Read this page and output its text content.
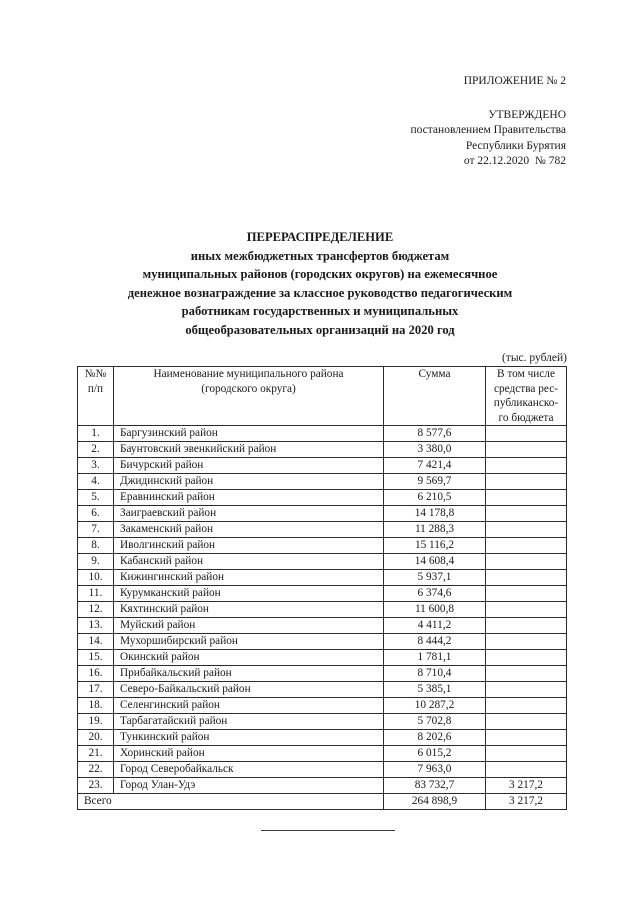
ПРИЛОЖЕНИЕ № 2
УТВЕРЖДЕНО
постановлением Правительства
Республики Бурятия
от 22.12.2020  № 782
ПЕРЕРАСПРЕДЕЛЕНИЕ
иных межбюджетных трансфертов бюджетам
муниципальных районов (городских округов) на ежемесячное
денежное вознаграждение за классное руководство педагогическим
работникам государственных и муниципальных
общеобразовательных организаций на 2020 год
(тыс. рублей)
№№
п/п

Наименование муниципального района
(городского округа)

Сумма	В том числе
средства рес-
публиканско-
го бюджета

1.	Баргузинский район	8 577,6	
2.	Баунтовский эвенкийский район	3 380,0	
3.	Бичурский район	7 421,4	
4.	Джидинский район	9 569,7	
5.	Еравнинский район	6 210,5	
6.	Заиграевский район	14 178,8	
7.	Закаменский район	11 288,3	
8.	Иволгинский район	15 116,2	
9.	Кабанский район	14 608,4	
10.	Кижингинский район	5 937,1	
11.	Курумканский район	6 374,6	
12.	Кяхтинский район	11 600,8	
13.	Муйский район	4 411,2	
14.	Мухоршибирский район	8 444,2	
15.	Окинский район	1 781,1	
16.	Прибайкальский район	8 710,4	
17.	Северо-Байкальский район	5 385,1	
18.	Селенгинский район	10 287,2	
19.	Тарбагатайский район	5 702,8	
20.	Тункинский район	8 202,6	
21.	Хоринский район	6 015,2	
22.	Город Северобайкальск	7 963,0	
23.	Город Улан-Удэ	83 732,7	3 217,2
Всего		264 898,9	3 217,2
